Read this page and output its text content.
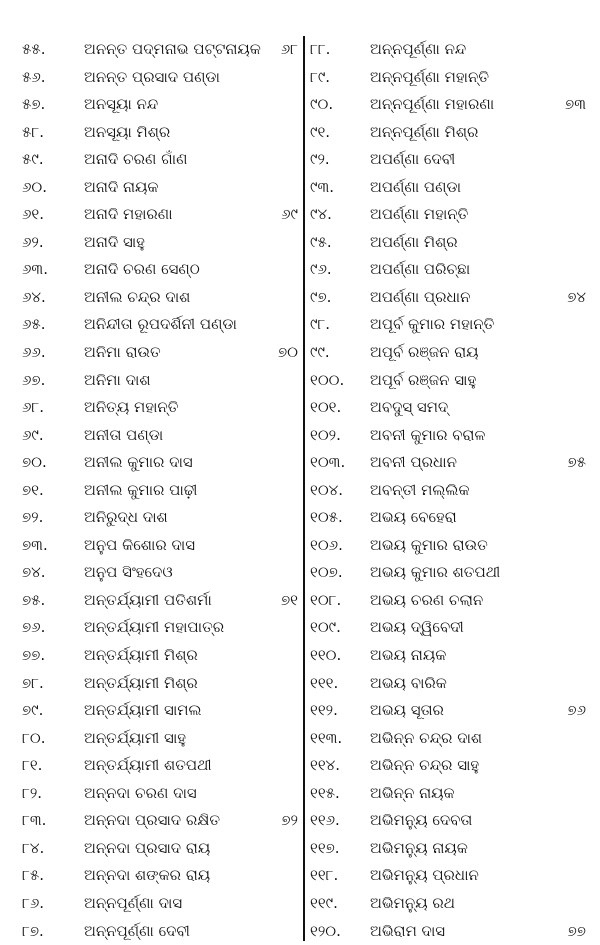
୫୫.	ଅନନ୍ତ ପଦ୍ମନାଭ ପଟ୍ଟନାୟକ ୬୮
୫୬.	ଅନନ୍ତ ପ୍ରସାଦ ପଣ୍ଡା
୫୭.	ଅନସୂୟା ନନ୍ଦ
୫୮.	ଅନସୂୟା ମିଶ୍ର
୫୯.	ଅନାଦି ଚରଣ ଗାଁଣ
୬୦. ଅନାଦି ନାୟକ
୬୧.	ଅନାଦି ମହାରଣା	୬୯
୬୨.	ଅନାଦି ସାହୁ
୬୩. ଅନାଦି ଚରଣ ସେଣ୍ଠ
୬୪.	ଅନୀଲ ଚନ୍ଦ୍ର ଦାଶ
୬୫.	ଅନିନ୍ଦୀତା ରୂପଦର୍ଶିନୀ ପଣ୍ଡା
୬୬.	ଅନିମା ରାଉତ	୭୦
୬୭.	ଅନିମା ଦାଶ
୬୮.	ଅନିତ୍ୟ ମହାନ୍ତି
୬୯.	ଅନୀତା ପଣ୍ଡା
୭୦. ଅନୀଲ କୁମାର ଦାସ
୭୧.	ଅନୀଲ କୁମାର ପାଢ଼ୀ
୭୨.	ଅନିରୁଦ୍ଧ ଦାଶ
୭୩. ଅନୁପ କିଶୋର ଦାସ
୭୪.	ଅନୁପ ସିଂହଦେଓ
୭୫.	ଅନ୍ତର୍ଯ୍ୟାମୀ ପତିଶର୍ମା	୭୧
୭୬.	ଅନ୍ତର୍ଯ୍ୟାମୀ ମହାପାତ୍ର
୭୭.	ଅନ୍ତର୍ଯ୍ୟାମୀ ମିଶ୍ର
୭୮.	ଅନ୍ତର୍ଯ୍ୟାମୀ ମିଶ୍ର
୭୯.	ଅନ୍ତର୍ଯ୍ୟାମୀ ସାମଲ
୮୦.	ଅନ୍ତର୍ଯ୍ୟାମୀ ସାହୁ
୮୧.	ଅନ୍ତର୍ଯ୍ୟାମୀ ଶତପଥୀ
୮୨.	ଅନ୍ନଦା ଚରଣ ଦାସ
୮୩.	ଅନ୍ନଦା ପ୍ରସାଦ ରକ୍ଷିତ	୭୨
୮୪.	ଅନ୍ନଦା ପ୍ରସାଦ ରାୟ
୮୫.	ଅନ୍ନଦା ଶଙ୍କର ରାୟ
୮୬.	ଅନ୍ନପୂର୍ଣ୍ଣା ଦାସ
୮୭.	ଅନ୍ନପୂର୍ଣ୍ଣା ଦେବୀ
୮୮.	ଅନ୍ନପୂର୍ଣ୍ଣା ନନ୍ଦ
୮୯.	ଅନ୍ନପୂର୍ଣ୍ଣା ମହାନ୍ତି
୯୦. ଅନ୍ନପୂର୍ଣ୍ଣା ମହାରଣା	୭୩
୯୧.	ଅନ୍ନପୂର୍ଣ୍ଣା ମିଶ୍ର
୯୨.	ଅପର୍ଣ୍ଣା ଦେବୀ
୯୩. ଅପର୍ଣ୍ଣା ପଣ୍ଡା
୯୪.	ଅପର୍ଣ୍ଣା ମହାନ୍ତି
୯୫.	ଅପର୍ଣ୍ଣା ମିଶ୍ର
୯୬.	ଅପର୍ଣ୍ଣା ପରିଚ୍ଛା
୯୭.	ଅପର୍ଣ୍ଣା ପ୍ରଧାନ	୭୪
୯୮.	ଅପୂର୍ବ କୁମାର ମହାନ୍ତି
୯୯.	ଅପୂର୍ବ ରଞ୍ଜନ ରାୟ
୧୦୦. ଅପୂର୍ବ ରଞ୍ଜନ ସାହୁ
୧୦୧. ଅବଦୁସ୍ ସମଦ୍
୧୦୨. ଅବନୀ କୁମାର ବରାଳ
୧୦୩. ଅବନୀ ପ୍ରଧାନ	୭୫
୧୦୪. ଅବନ୍ତୀ ମଲ୍ଲିକ
୧୦୫. ଅଭୟ ବେହେରା
୧୦୬. ଅଭୟ କୁମାର ରାଉତ
୧୦୭. ଅଭୟ କୁମାର ଶତପଥୀ
୧୦୮. ଅଭୟ ଚରଣ ଚଲାନ
୧୦୯. ଅଭୟ ଦ୍ୱିବେଦୀ
୧୧୦. ଅଭୟ ନାୟକ
୧୧୧. ଅଭୟ ବାରିକ
୧୧୨. ଅଭୟ ସୂତାର	୭୬
୧୧୩. ଅଭିନ୍ନ ଚନ୍ଦ୍ର ଦାଶ
୧୧୪. ଅଭିନ୍ନ ଚନ୍ଦ୍ର ସାହୁ
୧୧୫. ଅଭିନ୍ନ ନାୟକ
୧୧୬. ଅଭିମନ୍ୟୁ ଦେବତା
୧୧୭. ଅଭିମନ୍ୟୁ ନାୟକ
୧୧୮. ଅଭିମନ୍ୟୁ ପ୍ରଧାନ
୧୧୯. ଅଭିମନ୍ୟୁ ରଥ
୧୨୦. ଅଭିରାମ ଦାସ	୭୭
